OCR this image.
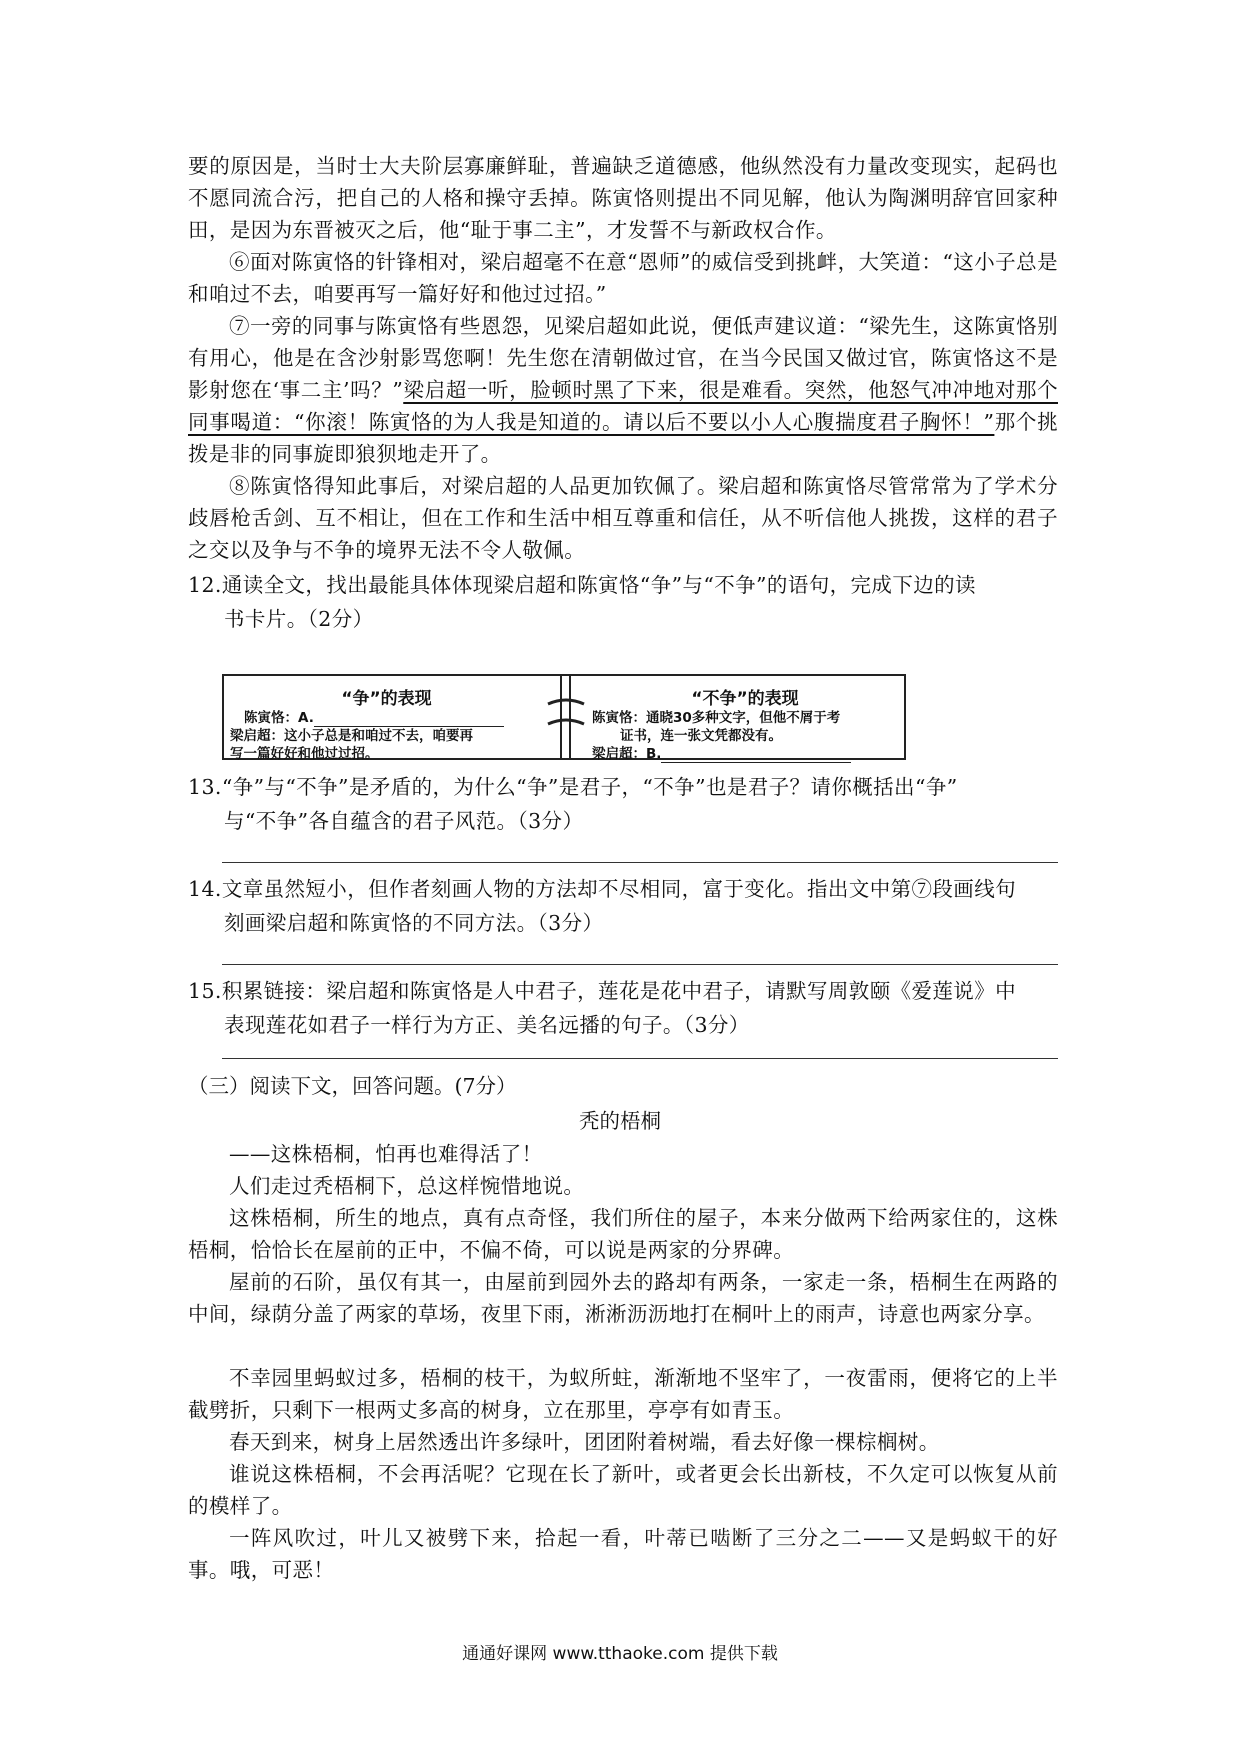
要的原因是，当时士大夫阶层寡廉鲜耻，普遍缺乏道德感，他纵然没有力量改变现实，起码也不愿同流合污，把自己的人格和操守丢掉。陈寅恪则提出不同见解，他认为陶渊明辞官回家种田，是因为东晋被灭之后，他“耻于事二主”，才发誓不与新政权合作。

⑥面对陈寅恪的针锋相对，梁启超毫不在意“恩师”的威信受到挑衅，大笑道：“这小子总是和咱过不去，咱要再写一篇好好和他过过招。”

⑦一旁的同事与陈寅恪有些恩怨，见梁启超如此说，便低声建议道：“梁先生，这陈寅恪别有用心，他是在含沙射影骂您啊！先生您在清朝做过官，在当今民国又做过官，陈寅恪这不是影射您在‘事二主’吗？”梁启超一听，脸顿时黑了下来，很是难看。突然，他怒气冲冲地对那个同事喝道：“你滚！陈寅恪的为人我是知道的。请以后不要以小人心腹揣度君子胸怀！”那个挑拨是非的同事旋即狼狈地走开了。

⑧陈寅恪得知此事后，对梁启超的人品更加钦佩了。梁启超和陈寅恪尽管常常为了学术分歧唇枪舌剑、互不相让，但在工作和生活中相互尊重和信任，从不听信他人挑拨，这样的君子之交以及争与不争的境界无法不令人敬佩。

12.通读全文，找出最能具体体现梁启超和陈寅恪“争”与“不争”的语句，完成下边的读
书卡片。（2分）
“争”的表现
陈寅恪：A.
梁启超：这小子总是和咱过不去，咱要再
写一篇好好和他过过招。
“不争”的表现
陈寅恪：通晓30多种文字，但他不屑于考
证书，连一张文凭都没有。
梁启超：B.
13.“争”与“不争”是矛盾的，为什么“争”是君子，“不争”也是君子？请你概括出“争”
与“不争”各自蕴含的君子风范。（3分）
14.文章虽然短小，但作者刻画人物的方法却不尽相同，富于变化。指出文中第⑦段画线句
刻画梁启超和陈寅恪的不同方法。（3分）
15.积累链接：梁启超和陈寅恪是人中君子，莲花是花中君子，请默写周敦颐《爱莲说》中
表现莲花如君子一样行为方正、美名远播的句子。（3分）

（三）阅读下文，回答问题。(7分）

秃的梧桐

——这株梧桐，怕再也难得活了！

人们走过秃梧桐下，总这样惋惜地说。

这株梧桐，所生的地点，真有点奇怪，我们所住的屋子，本来分做两下给两家住的，这株梧桐，恰恰长在屋前的正中，不偏不倚，可以说是两家的分界碑。

屋前的石阶，虽仅有其一，由屋前到园外去的路却有两条，一家走一条，梧桐生在两路的中间，绿荫分盖了两家的草场，夜里下雨，淅淅沥沥地打在桐叶上的雨声，诗意也两家分享。

不幸园里蚂蚁过多，梧桐的枝干，为蚁所蛀，渐渐地不坚牢了，一夜雷雨，便将它的上半截劈折，只剩下一根两丈多高的树身，立在那里，亭亭有如青玉。

春天到来，树身上居然透出许多绿叶，团团附着树端，看去好像一棵棕榈树。

谁说这株梧桐，不会再活呢？它现在长了新叶，或者更会长出新枝，不久定可以恢复从前的模样了。

一阵风吹过，叶儿又被劈下来，拾起一看，叶蒂已啮断了三分之二——又是蚂蚁干的好事。哦，可恶！

通通好课网 www.tthaoke.com 提供下载
